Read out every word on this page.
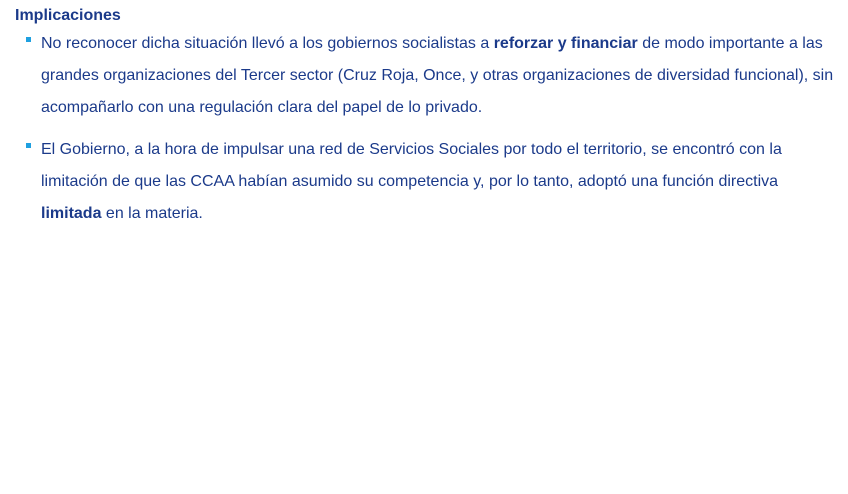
Implicaciones
No reconocer dicha situación llevó a los gobiernos socialistas a reforzar y financiar de modo importante a las grandes organizaciones del Tercer sector (Cruz Roja, Once, y otras organizaciones de diversidad funcional), sin acompañarlo con una regulación clara del papel de lo privado.
El Gobierno, a la hora de impulsar una red de Servicios Sociales por todo el territorio, se encontró con la limitación de que las CCAA habían asumido su competencia y, por lo tanto, adoptó una función directiva limitada en la materia.
